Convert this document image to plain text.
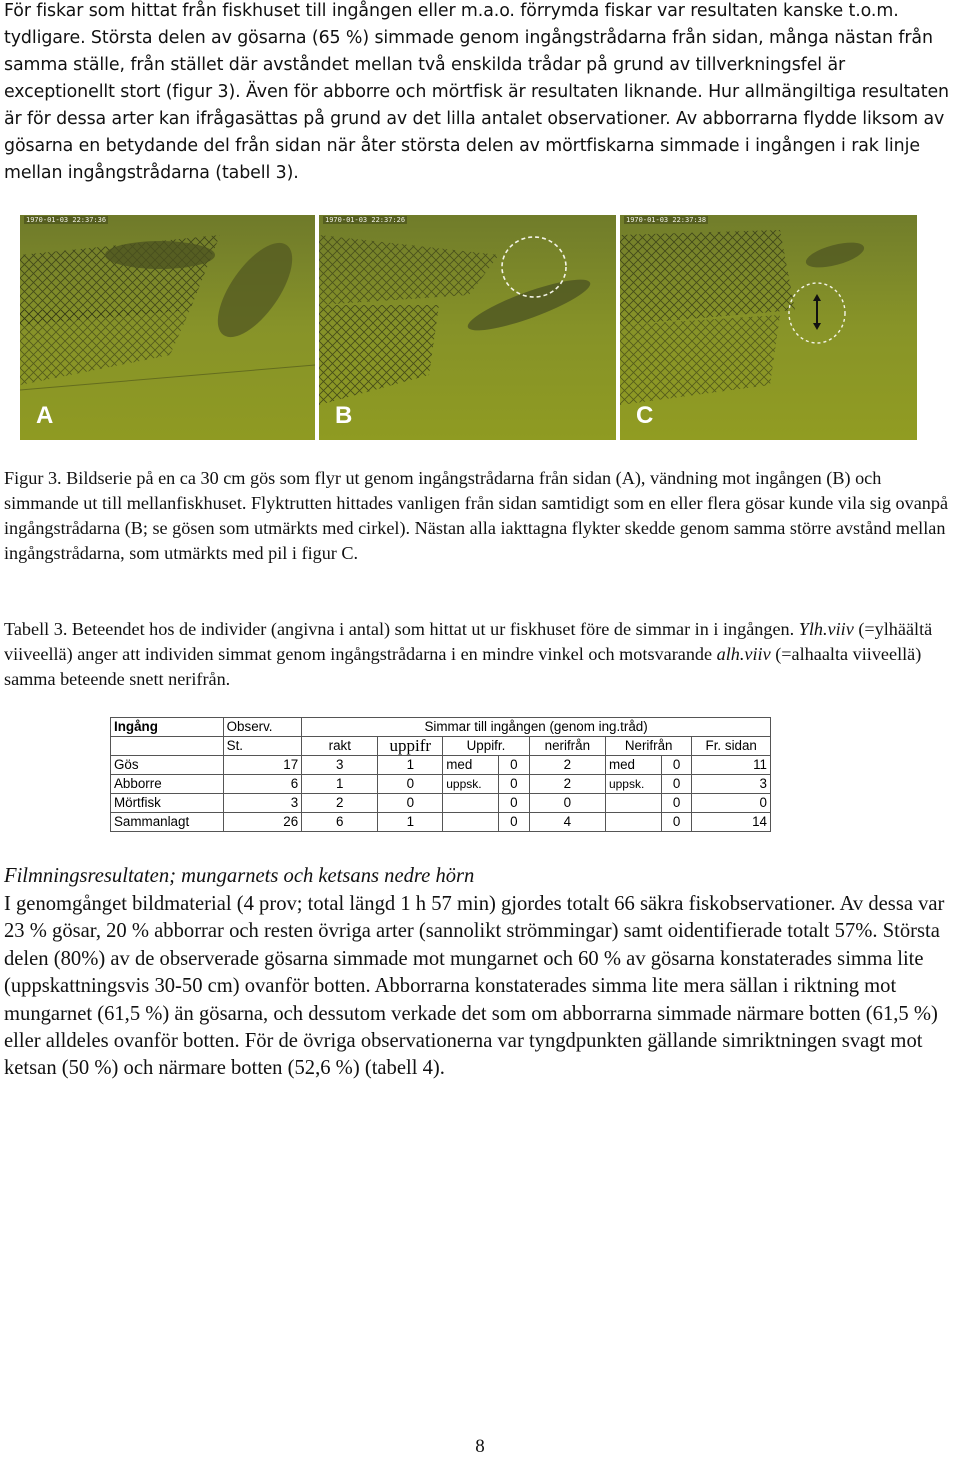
För fiskar som hittat från fiskhuset till ingången eller m.a.o. förrymda fiskar var resultaten kanske t.o.m. tydligare. Största delen av gösarna (65 %) simmade genom ingångstrådarna från sidan, många nästan från samma ställe, från stället där avståndet mellan två enskilda trådar på grund av tillverkningsfel är exceptionellt stort (figur 3). Även för abborre och mörtfisk är resultaten liknande. Hur allmängiltiga resultaten är för dessa arter kan ifrågasättas på grund av det lilla antalet observationer. Av abborrarna flydde liksom av gösarna en betydande del från sidan när åter största delen av mörtfiskarna simmade i ingången i rak linje mellan ingångstrådarna (tabell 3).

1970-01-03 22:37:36
A
1970-01-03 22:37:26
B
1970-01-03 22:37:38
C

Figur 3. Bildserie på en ca 30 cm gös som flyr ut genom ingångstrådarna från sidan (A), vändning mot ingången (B) och simmande ut till mellanfiskhuset. Flyktrutten hittades vanligen från sidan samtidigt som en eller flera gösar kunde vila sig ovanpå ingångstrådarna (B; se gösen som utmärkts med cirkel). Nästan alla iakttagna flykter skedde genom samma större avstånd mellan ingångstrådarna, som utmärkts med pil i figur C.

Tabell 3. Beteendet hos de individer (angivna i antal) som hittat ut ur fiskhuset före de simmar in i ingången. Ylh.viiv (=ylhäältä viiveellä) anger att individen simmat genom ingångstrådarna i en mindre vinkel och motsvarande alh.viiv (=alhaalta viiveellä) samma beteende snett nerifrån.

Ingång	Observ.	Simmar till ingången (genom ing.tråd)							
	St.	rakt	uppifr	Uppifr.		nerifrån	Nerifrån		Fr. sidan
Gös	17	3	1	med	0	2	med	0	11
Abborre	6	1	0	uppsk.	0	2	uppsk.	0	3
Mörtfisk	3	2	0		0	0		0	0
Sammanlagt	26	6	1		0	4		0	14

Filmningsresultaten; mungarnets och ketsans nedre hörn

I genomgånget bildmaterial (4 prov; total längd 1 h 57 min) gjordes totalt 66 säkra fiskobservationer. Av dessa var 23 % gösar, 20 % abborrar och resten övriga arter (sannolikt strömmingar) samt oidentifierade totalt 57%. Största delen (80%) av de observerade gösarna simmade mot mungarnet och 60 % av gösarna konstaterades simma lite (uppskattningsvis 30-50 cm) ovanför botten. Abborrarna konstaterades simma lite mera sällan i riktning mot mungarnet (61,5 %) än gösarna, och dessutom verkade det som om abborrarna simmade närmare botten (61,5 %) eller alldeles ovanför botten. För de övriga observationerna var tyngdpunkten gällande simriktningen svagt mot ketsan (50 %) och närmare botten (52,6 %) (tabell 4).

8
